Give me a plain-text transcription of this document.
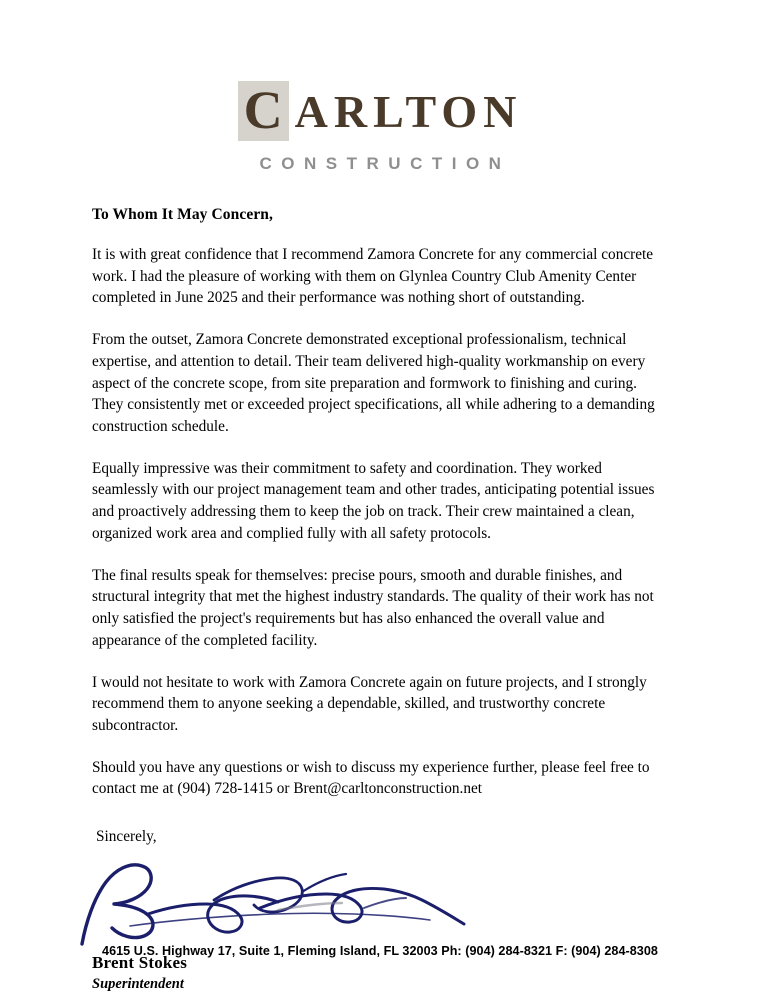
C ARLTON
CONSTRUCTION

To Whom It May Concern,

It is with great confidence that I recommend Zamora Concrete for any commercial concrete work. I had the pleasure of working with them on Glynlea Country Club Amenity Center completed in June 2025 and their performance was nothing short of outstanding.

From the outset, Zamora Concrete demonstrated exceptional professionalism, technical expertise, and attention to detail. Their team delivered high-quality workmanship on every aspect of the concrete scope, from site preparation and formwork to finishing and curing. They consistently met or exceeded project specifications, all while adhering to a demanding construction schedule.

Equally impressive was their commitment to safety and coordination. They worked seamlessly with our project management team and other trades, anticipating potential issues and proactively addressing them to keep the job on track. Their crew maintained a clean, organized work area and complied fully with all safety protocols.

The final results speak for themselves: precise pours, smooth and durable finishes, and structural integrity that met the highest industry standards. The quality of their work has not only satisfied the project's requirements but has also enhanced the overall value and appearance of the completed facility.

I would not hesitate to work with Zamora Concrete again on future projects, and I strongly recommend them to anyone seeking a dependable, skilled, and trustworthy concrete subcontractor.

Should you have any questions or wish to discuss my experience further, please feel free to contact me at (904) 728-1415 or Brent@carltonconstruction.net

Sincerely,

Brent Stokes
Superintendent
4615 U.S. Highway 17, Suite 1, Fleming Island, FL 32003 Ph: (904) 284-8321 F: (904) 284-8308
